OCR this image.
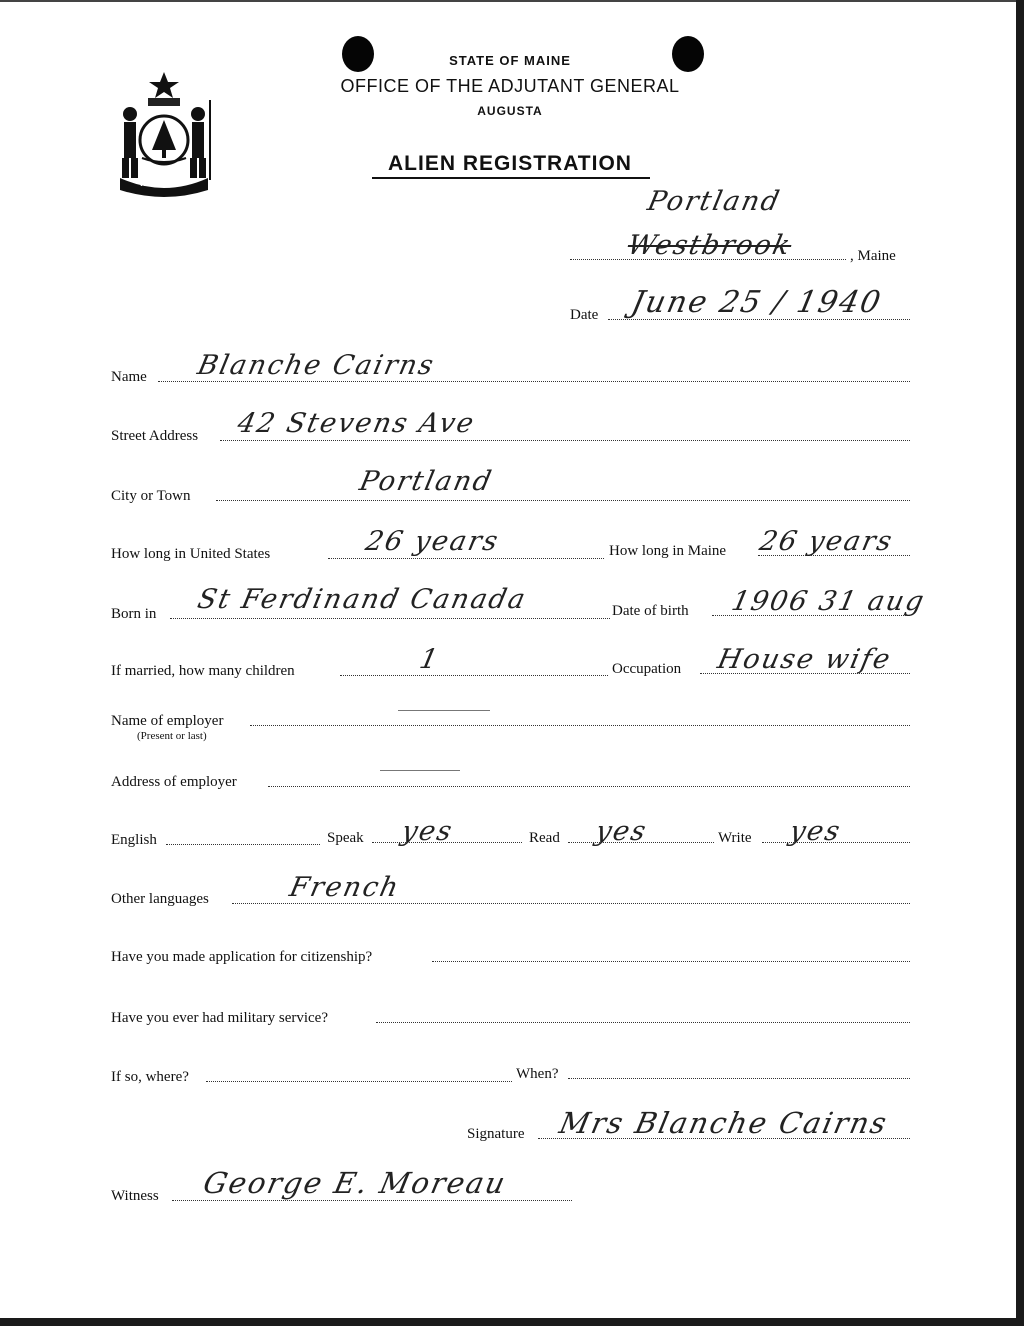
MAINE
STATE OF MAINE
OFFICE OF THE ADJUTANT GENERAL
AUGUSTA
ALIEN REGISTRATION
Portland
Westbrook	, Maine
Date June 25 / 1940
Name Blanche Cairns
Street Address 42 Stevens Ave
City or Town	Portland
How long in United States	26 years	How long in Maine 26 years
Born in St Ferdinand Canada	Date of birth 1906 31 aug
If married, how many children	1	Occupation House wife
Name of employer
(Present or last)
Address of employer
English	Speak yes	Read yes	Write yes
Other languages	French
Have you made application for citizenship?
Have you ever had military service?
If so, where?	When?
Signature Mrs Blanche Cairns
Witness George E. Moreau
